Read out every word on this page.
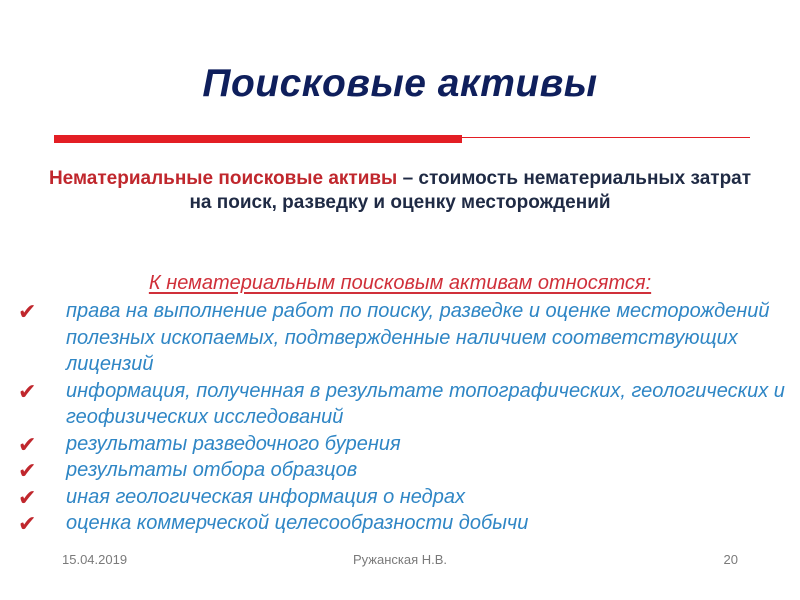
Поисковые активы
Нематериальные поисковые активы – стоимость нематериальных затрат на поиск, разведку и оценку месторождений
К нематериальным поисковым активам относятся:
✔	права на выполнение работ по поиску, разведке и оценке месторождений полезных ископаемых, подтвержденные наличием соответствующих лицензий
✔	информация, полученная в результате топографических, геологических и геофизических исследований
✔	результаты разведочного бурения
✔	результаты отбора образцов
✔	иная геологическая информация о недрах
✔	оценка коммерческой целесообразности добычи
15.04.2019	Ружанская Н.В.	20
